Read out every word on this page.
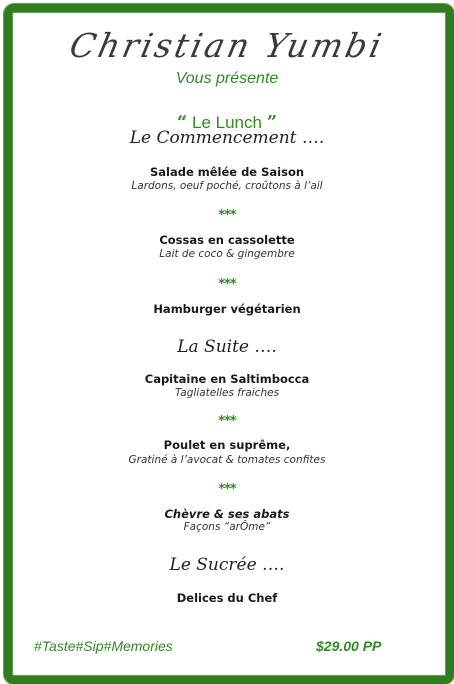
Christian Yumbi
Vous présente
“ Le Lunch ”
Le Commencement ….
Salade mêlée de Saison
Lardons, oeuf poché, croûtons à l’ail
***
Cossas en cassolette
Lait de coco & gingembre
***
Hamburger végétarien
La Suite ….
Capitaine en Saltimbocca
Tagliatelles fraiches
***
Poulet en suprême,
Gratiné à l’avocat & tomates confites
***
Chèvre & ses abats
Façons “arÔme”
Le Sucrée ….
Delices du Chef
#Taste#Sip#Memories	$29.00 PP
